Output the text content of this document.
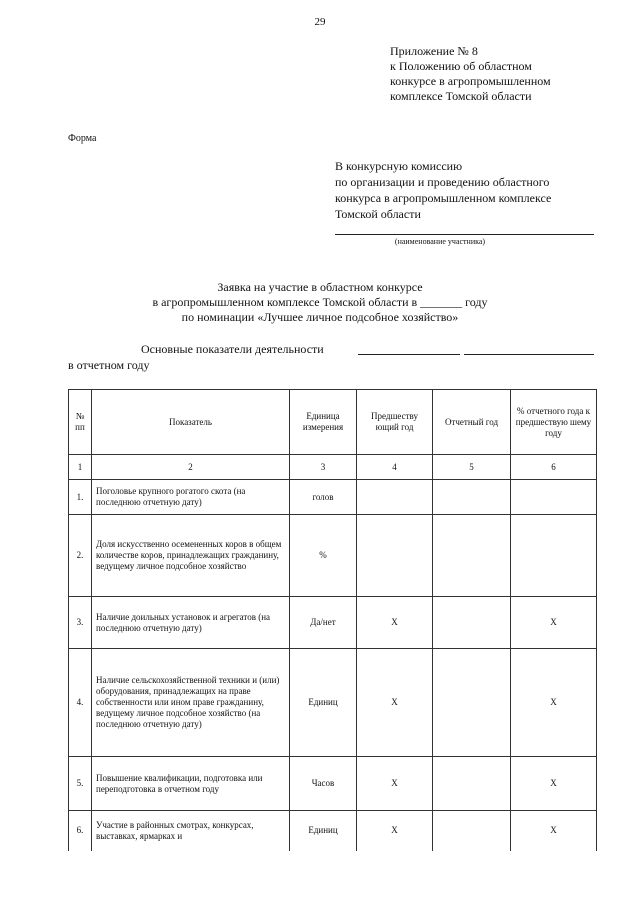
29
Приложение № 8
к Положению об областном
конкурсе в агропромышленном
комплексе Томской области
Форма
В конкурсную комиссию
по организации и проведению областного
конкурса в агропромышленном комплексе
Томской области
(наименование участника)
Заявка на участие в областном конкурсе
в агропромышленном комплексе Томской области в _______ году
по номинации «Лучшее личное подсобное хозяйство»
Основные показатели деятельности
в отчетном году
№ пп	Показатель	Единица измерения	Предшеству ющий год	Отчетный год	% отчетного года к предшествую шему году
1	2	3	4	5	6
1.	Поголовье крупного рогатого скота (на последнюю отчетную дату)	голов			
2.	Доля искусственно осемененных коров в общем количестве коров, принадлежащих гражданину, ведущему личное подсобное хозяйство	%			
3.	Наличие доильных установок и агрегатов (на последнюю отчетную дату)	Да/нет	X		X
4.	Наличие сельскохозяйственной техники и (или) оборудования, принадлежащих на праве собственности или ином праве гражданину, ведущему личное подсобное хозяйство (на последнюю отчетную дату)	Единиц	X		X
5.	Повышение квалификации, подготовка или переподготовка в отчетном году	Часов	X		X
6.	Участие в районных смотрах, конкурсах, выставках, ярмарках и	Единиц	X		X
